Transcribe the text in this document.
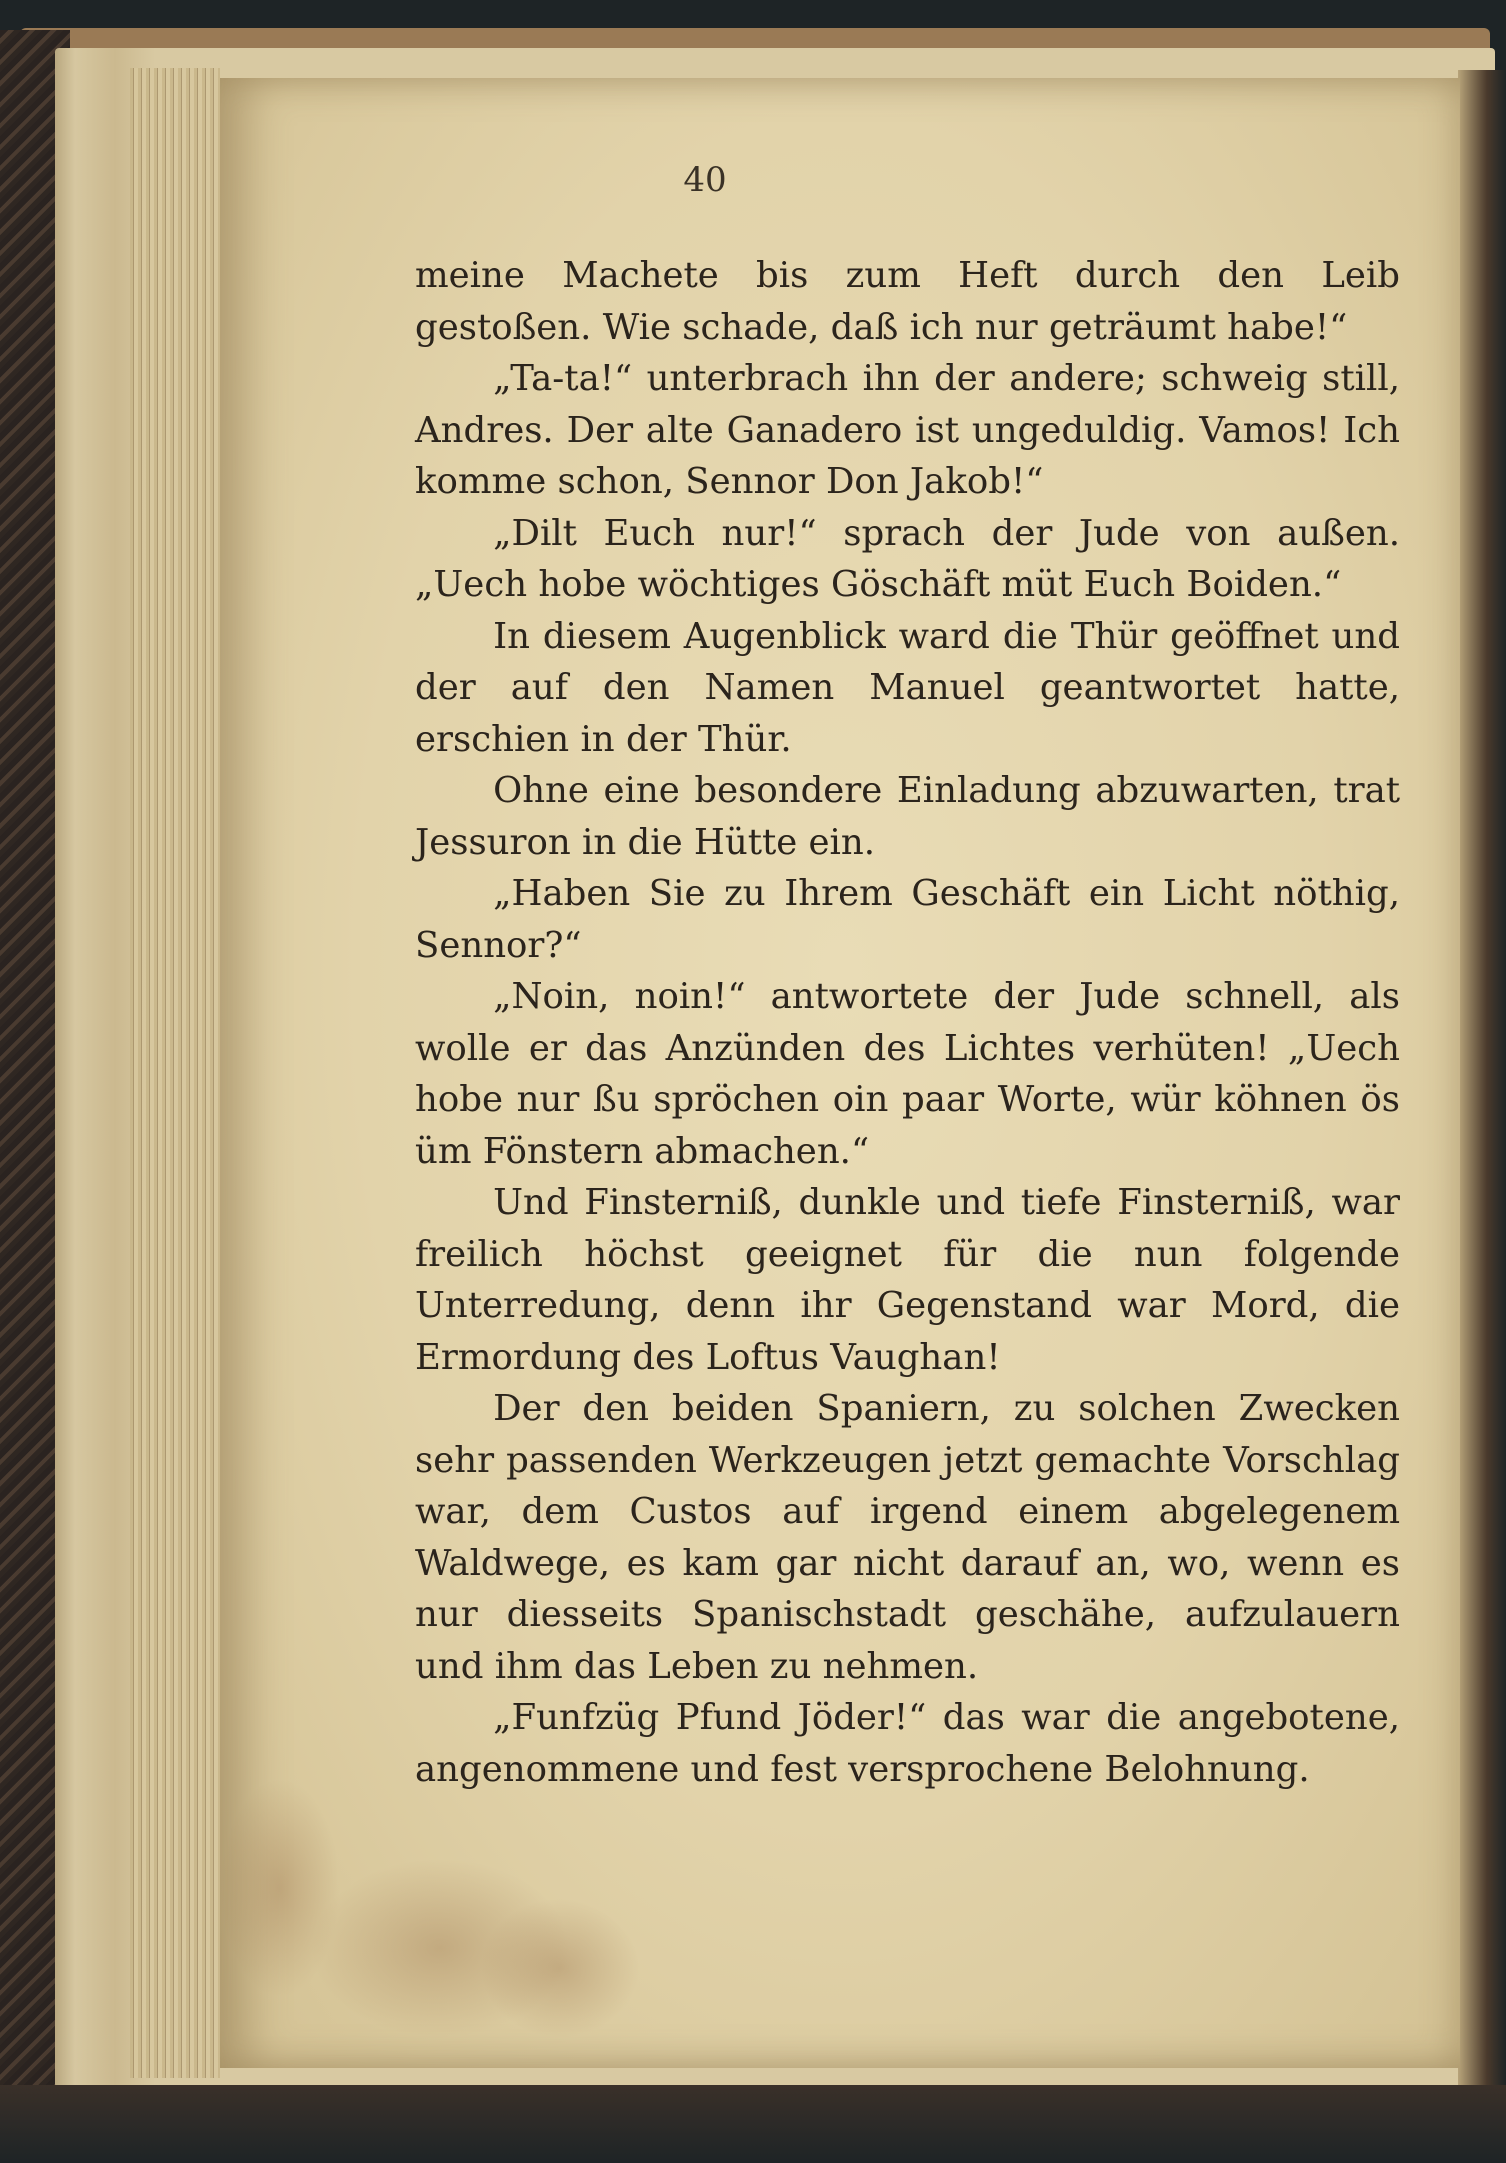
40

meine Machete bis zum Heft durch den Leib gestoßen. Wie schade, daß ich nur geträumt habe!“

„Ta-ta!“ unterbrach ihn der andere; schweig still, Andres. Der alte Ganadero ist ungeduldig. Vamos! Ich komme schon, Sennor Don Jakob!“

„Dilt Euch nur!“ sprach der Jude von außen. „Uech hobe wöchtiges Göschäft müt Euch Boiden.“

In diesem Augenblick ward die Thür geöffnet und der auf den Namen Manuel geantwortet hatte, erschien in der Thür.

Ohne eine besondere Einladung abzuwarten, trat Jessuron in die Hütte ein.

„Haben Sie zu Ihrem Geschäft ein Licht nöthig, Sennor?“

„Noin, noin!“ antwortete der Jude schnell, als wolle er das Anzünden des Lichtes verhüten! „Uech hobe nur ßu spröchen oin paar Worte, wür köhnen ös üm Fönstern abmachen.“

Und Finsterniß, dunkle und tiefe Finsterniß, war freilich höchst geeignet für die nun folgende Unterredung, denn ihr Gegenstand war Mord, die Ermordung des Loftus Vaughan!

Der den beiden Spaniern, zu solchen Zwecken sehr passenden Werkzeugen jetzt gemachte Vorschlag war, dem Custos auf irgend einem abgelegenem Waldwege, es kam gar nicht darauf an, wo, wenn es nur diesseits Spanischstadt geschähe, aufzulauern und ihm das Leben zu nehmen.

„Funfzüg Pfund Jöder!“ das war die angebotene, angenommene und fest versprochene Belohnung.
